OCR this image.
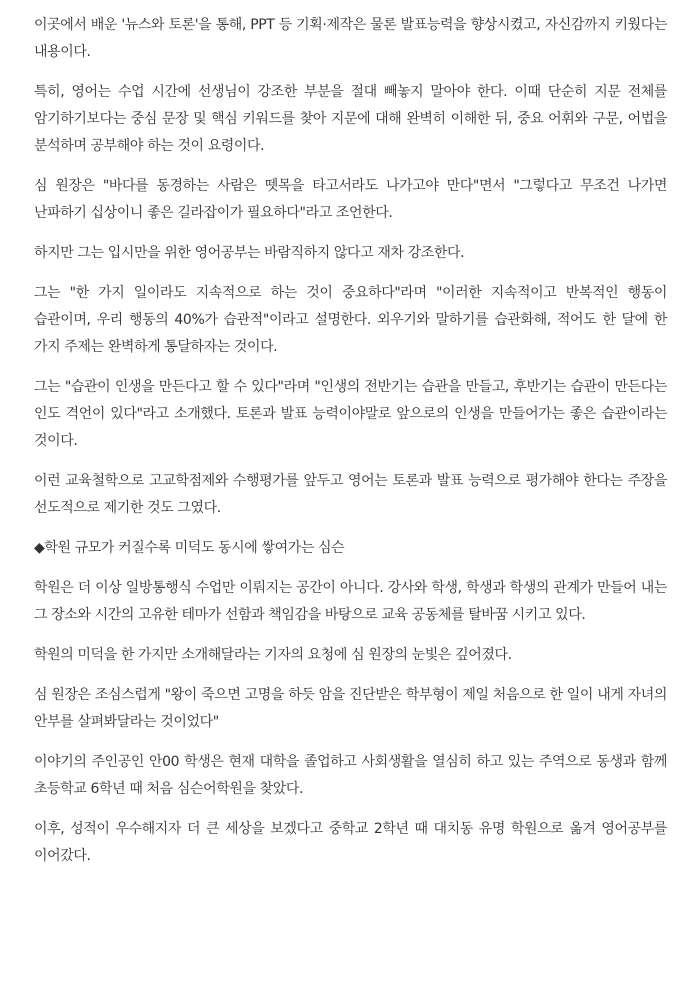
이곳에서 배운 '뉴스와 토론'을 통해, PPT 등 기획·제작은 물론 발표능력을 향상시켰고, 자신감까지 키웠다는 내용이다.

특히, 영어는 수업 시간에 선생님이 강조한 부분을 절대 빼놓지 말아야 한다. 이때 단순히 지문 전체를 암기하기보다는 중심 문장 및 핵심 키워드를 찾아 지문에 대해 완벽히 이해한 뒤, 중요 어휘와 구문, 어법을 분석하며 공부해야 하는 것이 요령이다.

심 원장은 "바다를 동경하는 사람은 뗏목을 타고서라도 나가고야 만다"면서 "그렇다고 무조건 나가면 난파하기 십상이니 좋은 길라잡이가 필요하다"라고 조언한다.

하지만 그는 입시만을 위한 영어공부는 바람직하지 않다고 재차 강조한다.

그는 "한 가지 일이라도 지속적으로 하는 것이 중요하다"라며 "이러한 지속적이고 반복적인 행동이 습관이며, 우리 행동의 40%가 습관적"이라고 설명한다. 외우기와 말하기를 습관화해, 적어도 한 달에 한 가지 주제는 완벽하게 통달하자는 것이다.

그는 "습관이 인생을 만든다고 할 수 있다"라며 "인생의 전반기는 습관을 만들고, 후반기는 습관이 만든다는 인도 격언이 있다"라고 소개했다. 토론과 발표 능력이야말로 앞으로의 인생을 만들어가는 좋은 습관이라는 것이다.

이런 교육철학으로 고교학점제와 수행평가를 앞두고 영어는 토론과 발표 능력으로 평가해야 한다는 주장을 선도적으로 제기한 것도 그였다.

◆학원 규모가 커질수록 미덕도 동시에 쌓여가는 심슨

학원은 더 이상 일방통행식 수업만 이뤄지는 공간이 아니다. 강사와 학생, 학생과 학생의 관계가 만들어 내는 그 장소와 시간의 고유한 테마가 선함과 책임감을 바탕으로 교육 공동체를 탈바꿈 시키고 있다.

학원의 미덕을 한 가지만 소개해달라는 기자의 요청에 심 원장의 눈빛은 깊어졌다.

심 원장은 조심스럽게 "왕이 죽으면 고명을 하듯 암을 진단받은 학부형이 제일 처음으로 한 일이 내게 자녀의 안부를 살펴봐달라는 것이었다"

이야기의 주인공인 안00 학생은 현재 대학을 졸업하고 사회생활을 열심히 하고 있는 주역으로 동생과 함께 초등학교 6학년 때 처음 심슨어학원을 찾았다.

이후, 성적이 우수해지자 더 큰 세상을 보겠다고 중학교 2학년 때 대치동 유명 학원으로 옮겨 영어공부를 이어갔다.
